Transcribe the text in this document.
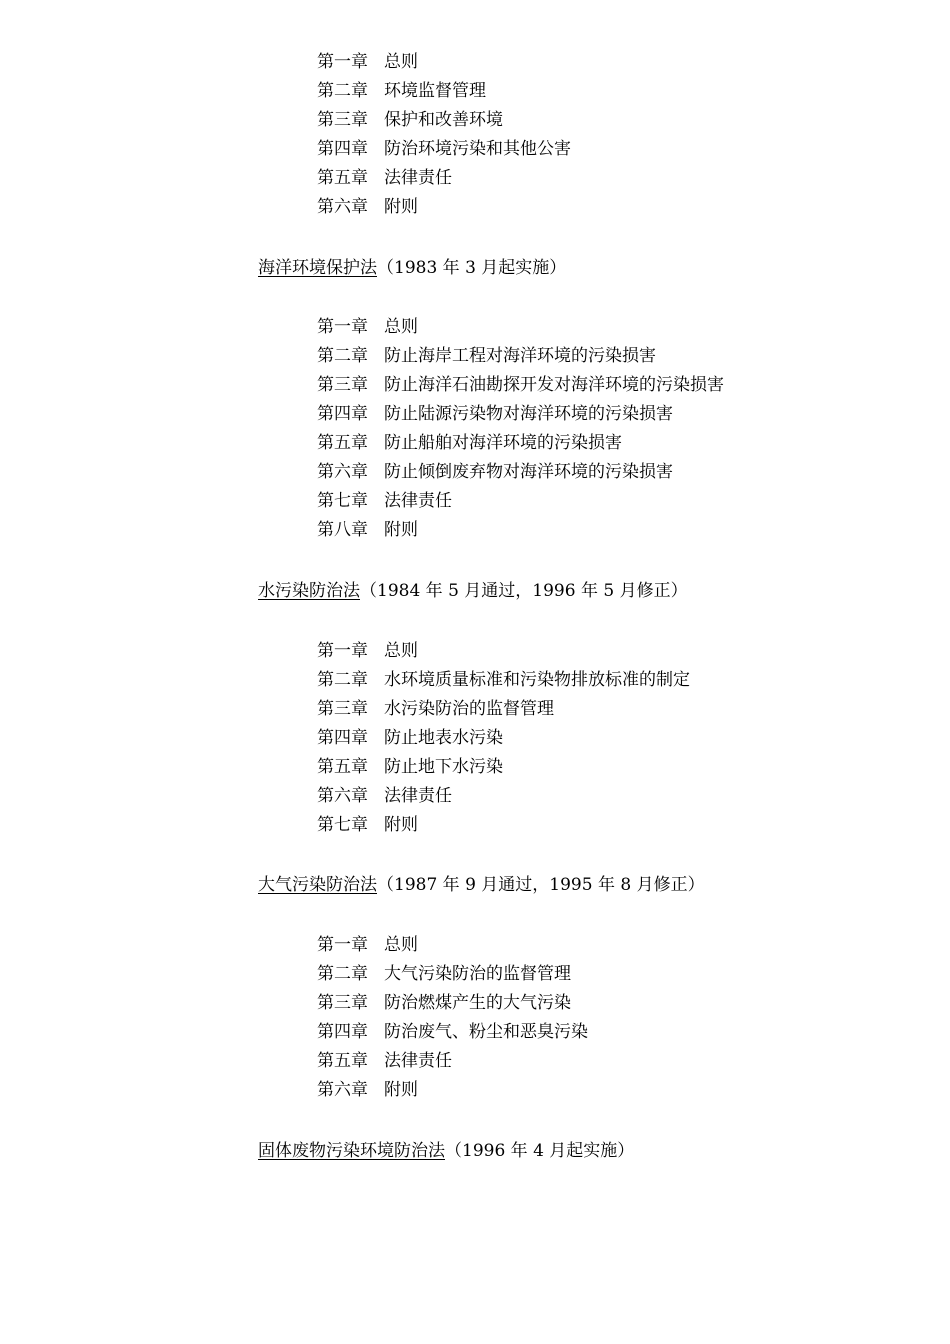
第一章 总则
第二章 环境监督管理
第三章 保护和改善环境
第四章 防治环境污染和其他公害
第五章 法律责任
第六章 附则
海洋环境保护法（1983 年 3 月起实施）
第一章 总则
第二章 防止海岸工程对海洋环境的污染损害
第三章 防止海洋石油勘探开发对海洋环境的污染损害
第四章 防止陆源污染物对海洋环境的污染损害
第五章 防止船舶对海洋环境的污染损害
第六章 防止倾倒废弃物对海洋环境的污染损害
第七章 法律责任
第八章 附则
水污染防治法（1984 年 5 月通过，1996 年 5 月修正）
第一章 总则
第二章 水环境质量标准和污染物排放标准的制定
第三章 水污染防治的监督管理
第四章 防止地表水污染
第五章 防止地下水污染
第六章 法律责任
第七章 附则
大气污染防治法（1987 年 9 月通过，1995 年 8 月修正）
第一章 总则
第二章 大气污染防治的监督管理
第三章 防治燃煤产生的大气污染
第四章 防治废气、粉尘和恶臭污染
第五章 法律责任
第六章 附则
固体废物污染环境防治法（1996 年 4 月起实施）
